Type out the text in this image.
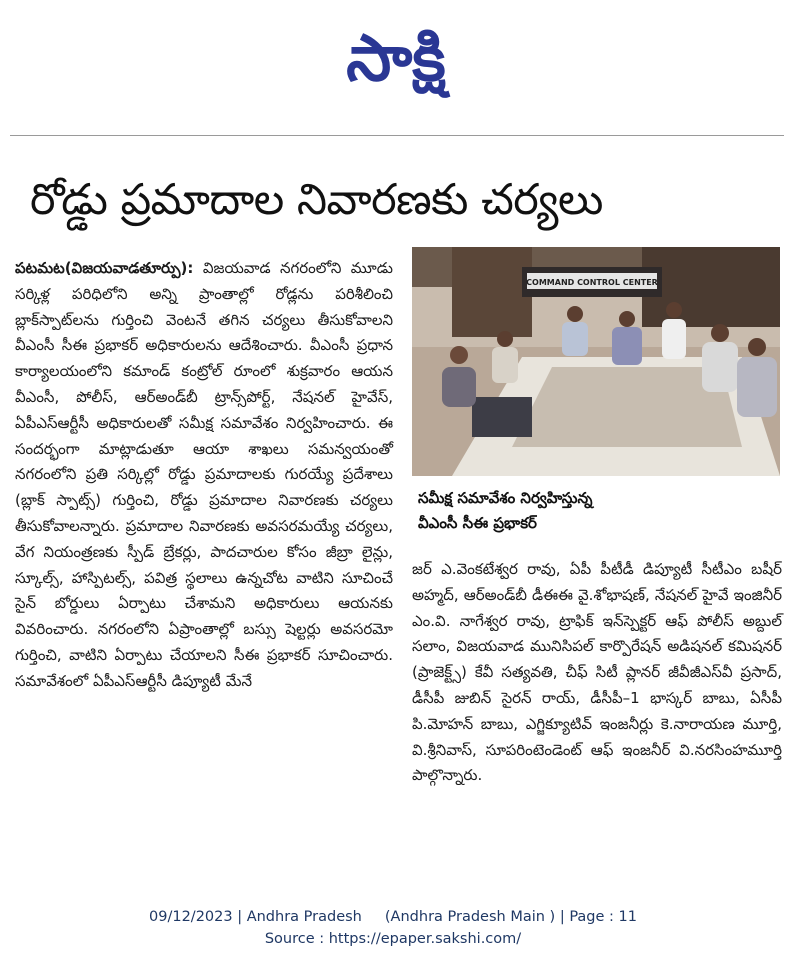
సాక్షి
రోడ్డు ప్రమాదాల నివారణకు చర్యలు
పటమట(విజయవాడతూర్పు): విజయవాడ నగరంలోని మూడు సర్కిళ్ల పరిధిలోని అన్ని ప్రాంతాల్లో రోడ్లను పరిశీలించి బ్లాక్‌స్పాట్‌లను గుర్తించి వెంటనే తగిన చర్యలు తీసుకోవాలని వీఎంసీ సీఈ ప్రభాకర్ అధికారులను ఆదేశించారు. వీఎంసీ ప్రధాన కార్యాలయంలోని కమాండ్ కంట్రోల్ రూంలో శుక్రవారం ఆయన వీఎంసీ, పోలీస్, ఆర్అండ్‌బీ ట్రాన్స్‌పోర్ట్, నేషనల్ హైవేస్, ఏపీఎస్‌ఆర్టీసీ అధికారులతో సమీక్ష సమావేశం నిర్వహించారు. ఈ సందర్భంగా మాట్లాడుతూ ఆయా శాఖలు సమన్వయంతో నగరంలోని ప్రతి సర్కిల్లో రోడ్డు ప్రమాదాలకు గురయ్యే ప్రదేశాలు (బ్లాక్ స్పాట్స్) గుర్తించి, రోడ్డు ప్రమాదాల నివారణకు చర్యలు తీసుకోవాలన్నారు. ప్రమాదాల నివారణకు అవసరమయ్యే చర్యలు, వేగ నియంత్రణకు స్పీడ్ బ్రేకర్లు, పాదచారుల కోసం జీబ్రా లైన్లు, స్కూల్స్, హాస్పిటల్స్, పవిత్ర స్థలాలు ఉన్నచోట వాటిని సూచించే సైన్ బోర్డులు ఏర్పాటు చేశామని అధికారులు ఆయనకు వివరించారు. నగరంలోని ఏప్రాంతాల్లో బస్సు షెల్టర్లు అవసరమో గుర్తించి, వాటిని ఏర్పాటు చేయాలని సీఈ ప్రభాకర్ సూచించారు. సమావేశంలో ఏపీఎస్‌ఆర్టీసీ డిప్యూటీ మేనే
COMMAND CONTROL CENTER
సమీక్ష సమావేశం నిర్వహిస్తున్న
వీఎంసీ సీఈ ప్రభాకర్
జర్ ఎ.వెంకటేశ్వర రావు, ఏపీ పీటీడీ డిప్యూటీ సీటీఎం బషీర్ అహ్మద్, ఆర్అండ్‌బీ డీఈఈ వై.శోభాషణ్, నేషనల్ హైవే ఇంజినీర్ ఎం.వి. నాగేశ్వర రావు, ట్రాఫిక్ ఇన్‌స్పెక్టర్ ఆఫ్ పోలీస్ అబ్దుల్ సలాం, విజయవాడ మునిసిపల్ కార్పొరేషన్ అడిషనల్ కమిషనర్ (ప్రాజెక్ట్స్) కేవీ సత్యవతి, చీఫ్ సిటీ ప్లానర్ జీవీజీఎస్‌వీ ప్రసాద్, డీసీపీ జుబిన్ సైరన్ రాయ్, డీసీపీ–1 భాస్కర్ బాబు, ఏసీపీ పి.మోహన్ బాబు, ఎగ్జిక్యూటివ్ ఇంజనీర్లు కె.నారాయణ మూర్తి, వి.శ్రీనివాస్, సూపరింటెండెంట్ ఆఫ్ ఇంజనీర్ వి.నరసింహమూర్తి పాల్గొన్నారు.
09/12/2023 | Andhra Pradesh     (Andhra Pradesh Main ) | Page : 11
Source : https://epaper.sakshi.com/
